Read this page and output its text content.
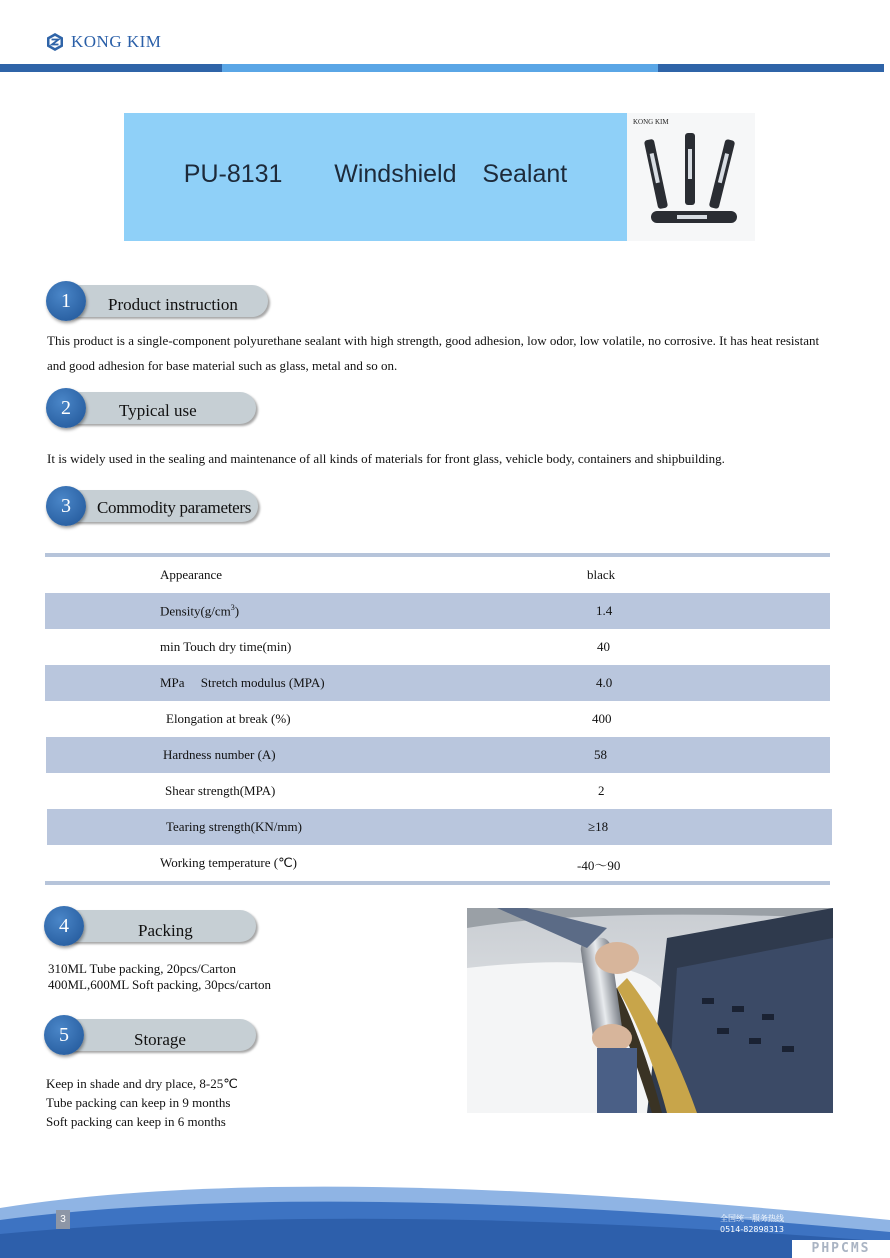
KONG KIM
PU-8131    Windshield  Sealant
KONG KIM
1	Product instruction
This product is a single-component polyurethane sealant with high strength, good adhesion, low odor, low volatile, no corrosive. It has heat resistant and good adhesion for base material such as glass, metal and so on.
2	Typical use
It is widely used in the sealing and maintenance of all kinds of materials for front glass, vehicle body, containers and shipbuilding.
3	Commodity parameters
Appearance	black
$Density(g/cm^3)$	1.4
min Touch dry time(min)	40
MPa     Stretch modulus (MPA)	4.0
Elongation at break (%)	400
Hardness number (A)	58
Shear strength(MPA)	2
Tearing strength(KN/mm)	≥18
Working temperature (℃)	-40～90
4	Packing
310ML Tube packing, 20pcs/Carton
400ML,600ML Soft packing, 30pcs/carton
5	Storage
Keep in shade and dry place, 8-25℃
Tube packing can keep in 9 months
Soft packing can keep in 6 months
3	全国统一服务热线
0514-82898313
PHPCMS
